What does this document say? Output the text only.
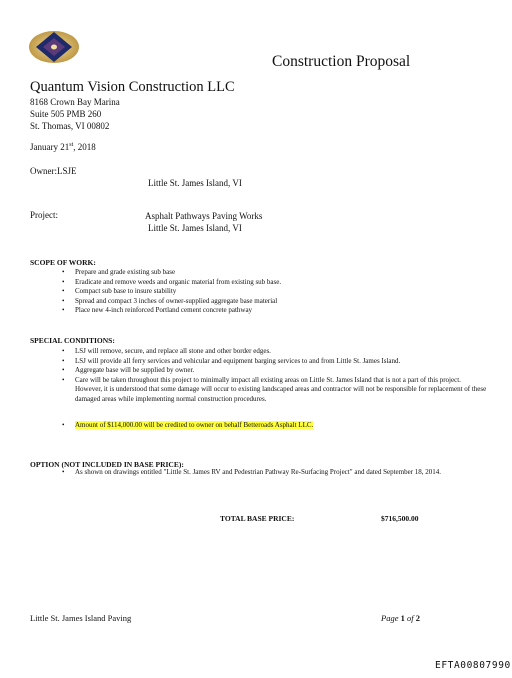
Construction Proposal
Quantum Vision Construction LLC
8168 Crown Bay Marina
Suite 505 PMB 260
St. Thomas, VI 00802
January 21st, 2018
Owner:LSJE
Little St. James Island, VI
Project:	Asphalt Pathways Paving Works
Little St. James Island, VI
SCOPE OF WORK:
• Prepare and grade existing sub base
• Eradicate and remove weeds and organic material from existing sub base.
• Compact sub base to insure stability
• Spread and compact 3 inches of owner-supplied aggregate base material
• Place new 4-inch reinforced Portland cement concrete pathway
SPECIAL CONDITIONS:
• LSJ will remove, secure, and replace all stone and other border edges.
• LSJ will provide all ferry services and vehicular and equipment barging services to and from Little St. James Island.
• Aggregate base will be supplied by owner.
• Care will be taken throughout this project to minimally impact all existing areas on Little St. James Island that is not a part of this project. However, it is understood that some damage will occur to existing landscaped areas and contractor will not be responsible for replacement of these damaged areas while implementing normal construction procedures.
• Amount of $114,000.00 will be credited to owner on behalf Betteroads Asphalt LLC.
OPTION (NOT INCLUDED IN BASE PRICE):
• As shown on drawings entitled "Little St. James RV and Pedestrian Pathway Re-Surfacing Project" and dated September 18, 2014.
TOTAL BASE PRICE:	$716,500.00
Little St. James Island Paving	Page 1 of 2
EFTA00807990
